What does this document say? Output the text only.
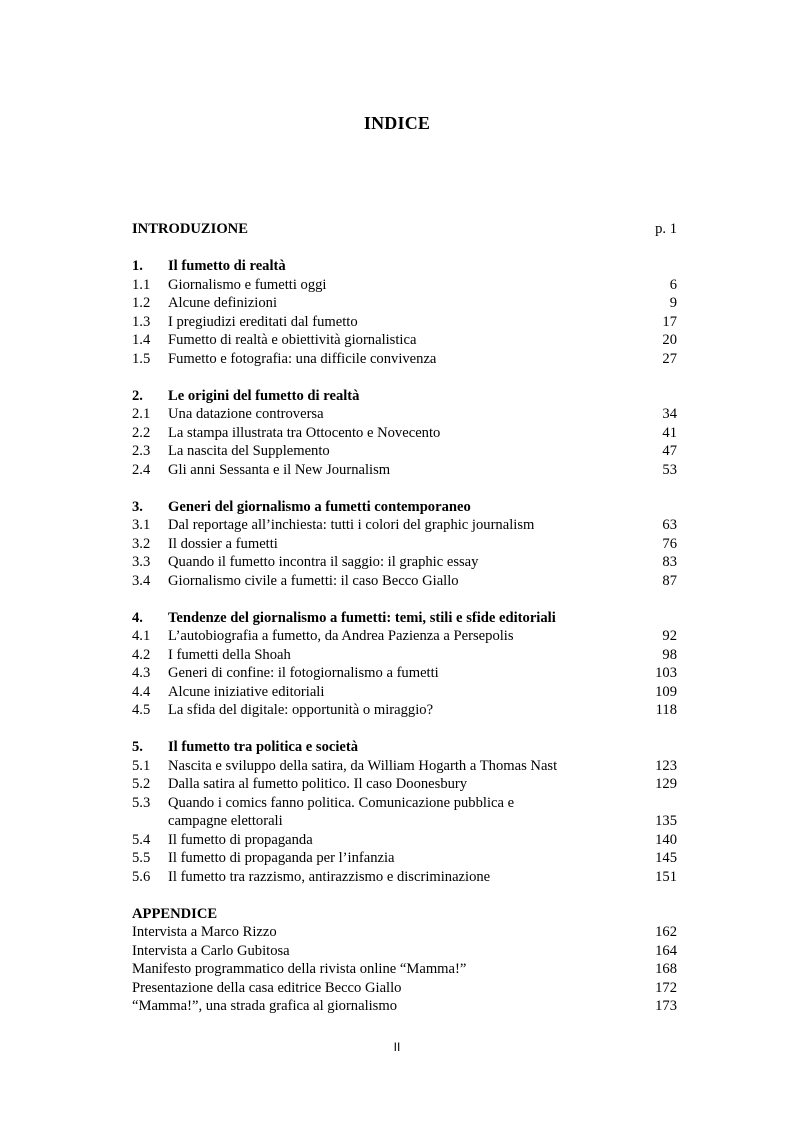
INDICE
INTRODUZIONE	p. 1
1.	Il fumetto di realtà
1.1	Giornalismo e fumetti oggi	6
1.2	Alcune definizioni	9
1.3	I pregiudizi ereditati dal fumetto	17
1.4	Fumetto di realtà e obiettività giornalistica	20
1.5	Fumetto e fotografia: una difficile convivenza	27
2.	Le origini del fumetto di realtà
2.1	Una datazione controversa	34
2.2	La stampa illustrata tra Ottocento e Novecento	41
2.3	La nascita del Supplemento	47
2.4	Gli anni Sessanta e il New Journalism	53
3.	Generi del giornalismo a fumetti contemporaneo
3.1	Dal reportage all’inchiesta: tutti i colori del graphic journalism	63
3.2	Il dossier a fumetti	76
3.3	Quando il fumetto incontra il saggio: il graphic essay	83
3.4	Giornalismo civile a fumetti: il caso Becco Giallo	87
4.	Tendenze del giornalismo a fumetti: temi, stili e sfide editoriali
4.1	L’autobiografia a fumetto, da Andrea Pazienza a Persepolis	92
4.2	I fumetti della Shoah	98
4.3	Generi di confine: il fotogiornalismo a fumetti	103
4.4	Alcune iniziative editoriali	109
4.5	La sfida del digitale: opportunità o miraggio?	118
5.	Il fumetto tra politica e società
5.1	Nascita e sviluppo della satira, da William Hogarth a Thomas Nast	123
5.2	Dalla satira al fumetto politico. Il caso Doonesbury	129
5.3	Quando i comics fanno politica. Comunicazione pubblica e
campagne elettorali	135
5.4	Il fumetto di propaganda	140
5.5	Il fumetto di propaganda per l’infanzia	145
5.6	Il fumetto tra razzismo, antirazzismo e discriminazione	151
APPENDICE
Intervista a Marco Rizzo	162
Intervista a Carlo Gubitosa	164
Manifesto programmatico della rivista online “Mamma!”	168
Presentazione della casa editrice Becco Giallo	172
“Mamma!”, una strada grafica al giornalismo	173
II
